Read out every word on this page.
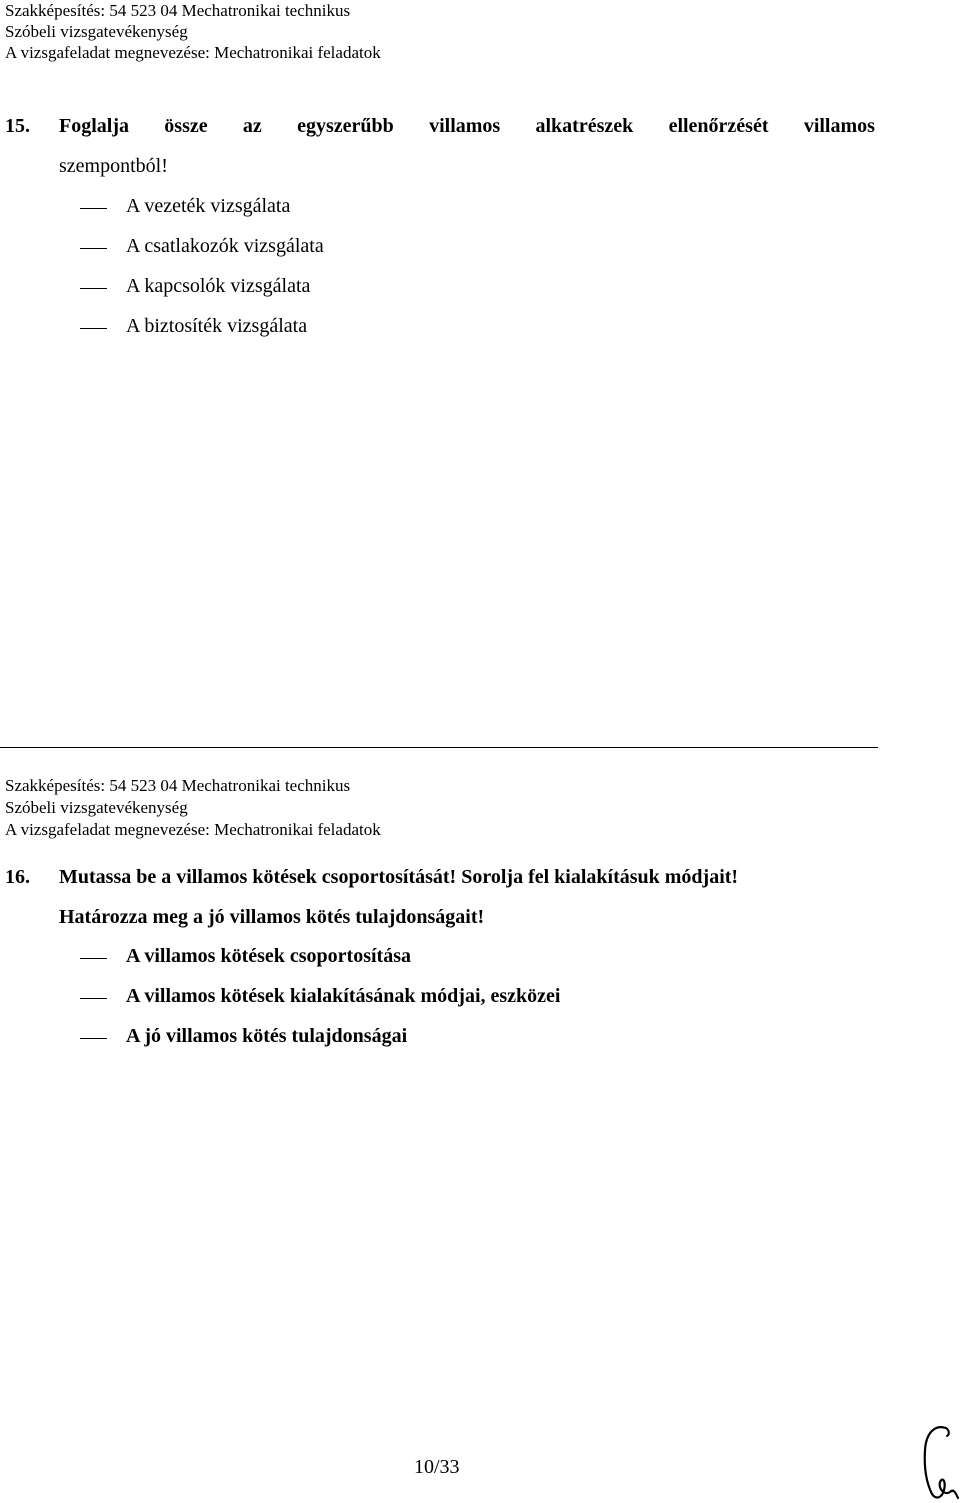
Szakképesítés: 54 523 04 Mechatronikai technikus
Szóbeli vizsgatevékenység
A vizsgafeladat megnevezése: Mechatronikai feladatok
15. Foglalja össze az egyszerűbb villamos alkatrészek ellenőrzését villamos
szempontból!
A vezeték vizsgálata
A csatlakozók vizsgálata
A kapcsolók vizsgálata
A biztosíték vizsgálata
Szakképesítés: 54 523 04 Mechatronikai technikus
Szóbeli vizsgatevékenység
A vizsgafeladat megnevezése: Mechatronikai feladatok
16. Mutassa be a villamos kötések csoportosítását! Sorolja fel kialakításuk módjait!
Határozza meg a jó villamos kötés tulajdonságait!
A villamos kötések csoportosítása
A villamos kötések kialakításának módjai, eszközei
A jó villamos kötés tulajdonságai
10/33
